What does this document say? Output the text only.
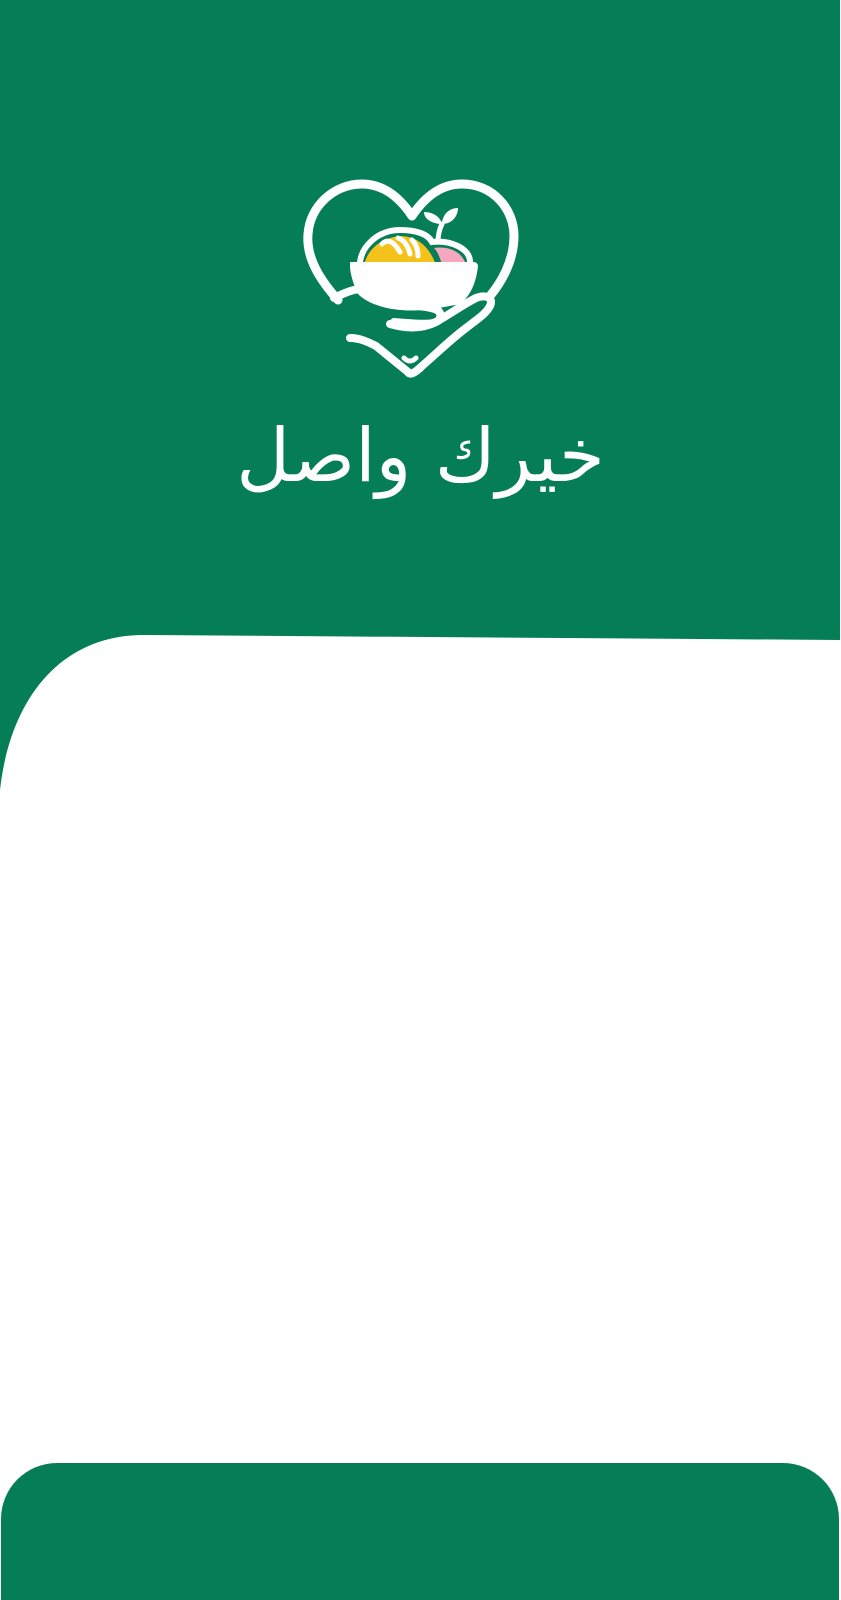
خيرك واصل
